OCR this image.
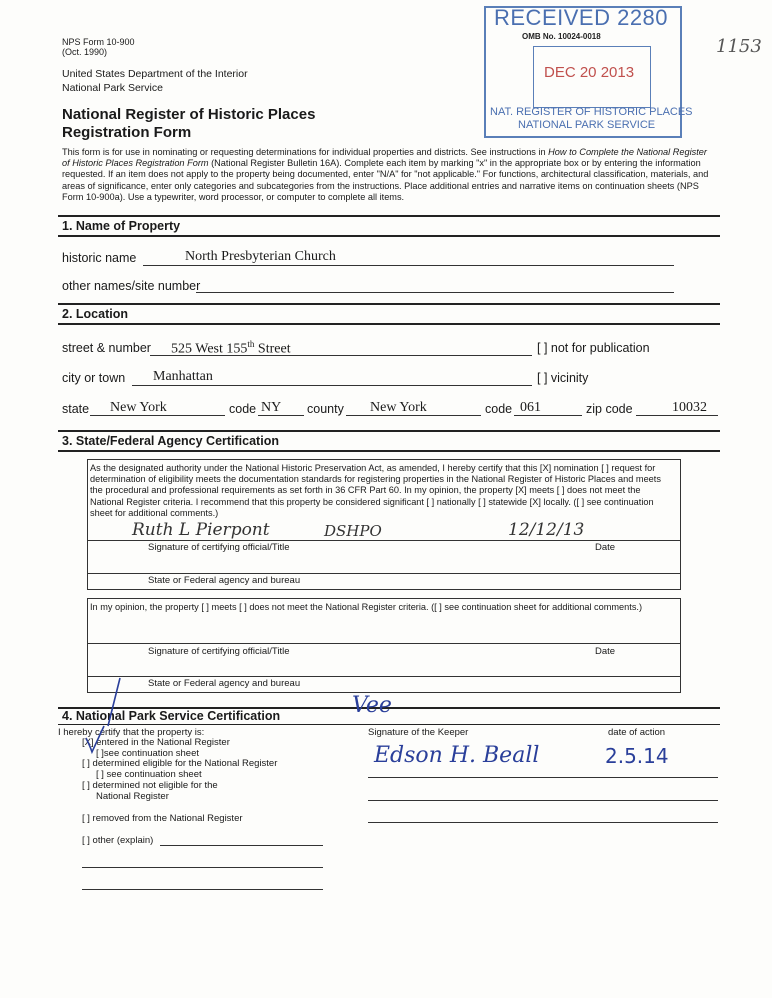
NPS Form 10-900
(Oct. 1990)
United States Department of the Interior
National Park Service
National Register of Historic Places
Registration Form
RECEIVED 2280
DEC 20 2013
NAT. REGISTER OF HISTORIC PLACES
NATIONAL PARK SERVICE
OMB No. 10024-0018	1153
This form is for use in nominating or requesting determinations for individual properties and districts. See instructions in How to Complete the National Register of Historic Places Registration Form (National Register Bulletin 16A). Complete each item by marking "x" in the appropriate box or by entering the information requested. If an item does not apply to the property being documented, enter "N/A" for "not applicable." For functions, architectural classification, materials, and areas of significance, enter only categories and subcategories from the instructions. Place additional entries and narrative items on continuation sheets (NPS Form 10-900a). Use a typewriter, word processor, or computer to complete all items.
1. Name of Property
historic name	North Presbyterian Church
other names/site number
2. Location
street & number 525 West 155th Street	[ ] not for publication
city or town Manhattan	[ ] vicinity
state New York	code NY county New York	code 061	zip code	10032
3. State/Federal Agency Certification
As the designated authority under the National Historic Preservation Act, as amended, I hereby certify that this [X] nomination [ ] request for determination of eligibility meets the documentation standards for registering properties in the National Register of Historic Places and meets the procedural and professional requirements as set forth in 36 CFR Part 60. In my opinion, the property [X] meets [ ] does not meet the National Register criteria. I recommend that this property be considered significant [ ] nationally [ ] statewide [X] locally. ([ ] see continuation sheet for additional comments.)
Ruth L Pierpont	DSHPO	12/12/13
Signature of certifying official/Title	Date
State or Federal agency and bureau
In my opinion, the property [ ] meets [ ] does not meet the National Register criteria. ([ ] see continuation sheet for additional comments.)
Signature of certifying official/Title	Date
State or Federal agency and bureau
4. National Park Service Certification
I hereby certify that the property is:
[X] entered in the National Register
[ ]see continuation sheet
[ ] determined eligible for the National Register
[ ] see continuation sheet
[ ] determined not eligible for the
National Register
[ ] removed from the National Register
[ ] other (explain)
Signature of the Keeper	date of action
Vee
Edson H. Beall	2.5.14
